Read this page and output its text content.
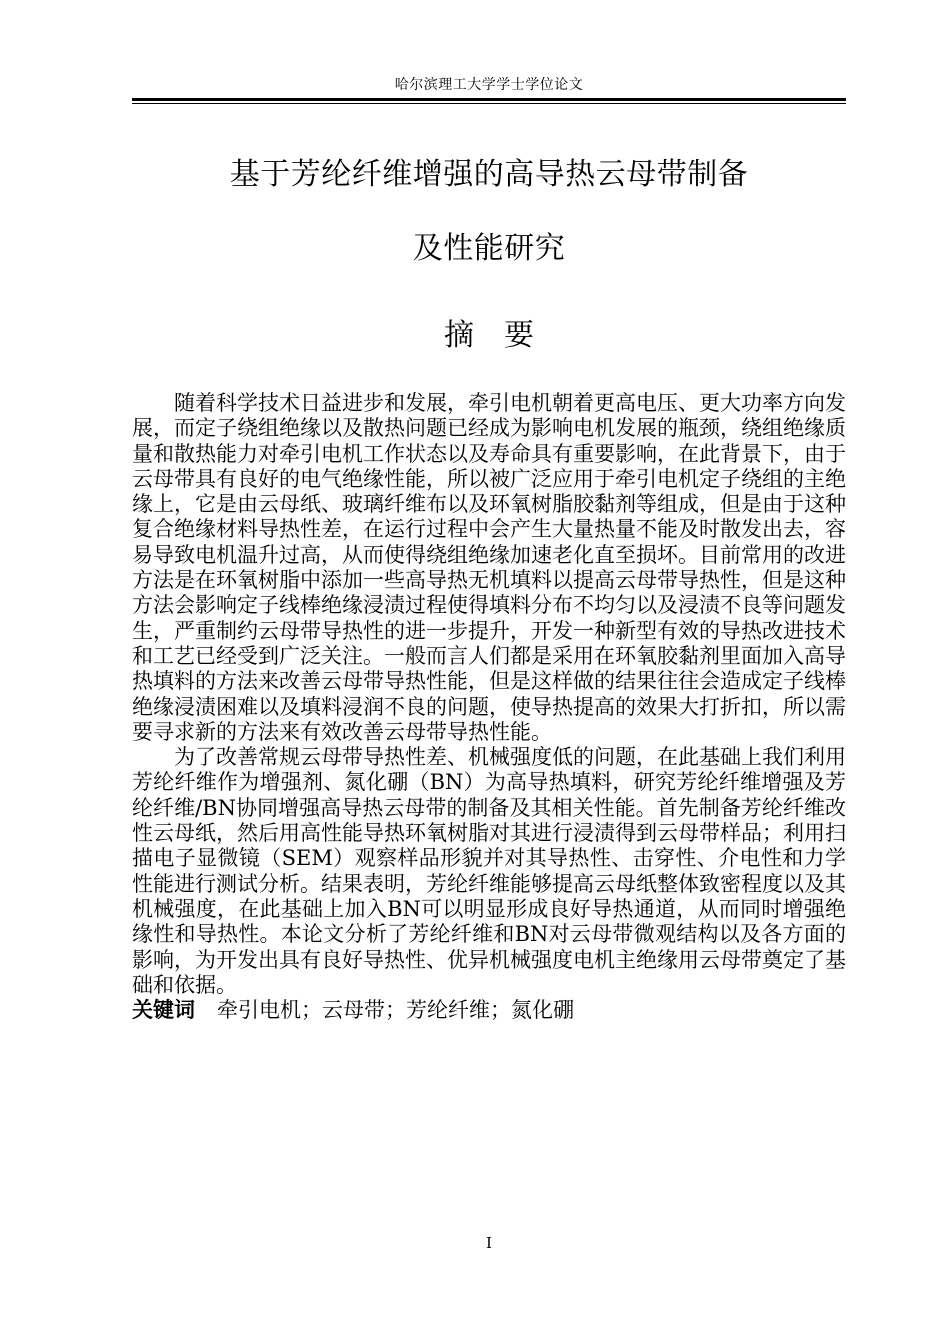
哈尔滨理工大学学士学位论文
基于芳纶纤维增强的高导热云母带制备
及性能研究
摘 要

随着科学技术日益进步和发展，牵引电机朝着更高电压、更大功率方向发展，而定子绕组绝缘以及散热问题已经成为影响电机发展的瓶颈，绕组绝缘质量和散热能力对牵引电机工作状态以及寿命具有重要影响，在此背景下，由于云母带具有良好的电气绝缘性能，所以被广泛应用于牵引电机定子绕组的主绝缘上，它是由云母纸、玻璃纤维布以及环氧树脂胶黏剂等组成，但是由于这种复合绝缘材料导热性差，在运行过程中会产生大量热量不能及时散发出去，容易导致电机温升过高，从而使得绕组绝缘加速老化直至损坏。目前常用的改进方法是在环氧树脂中添加一些高导热无机填料以提高云母带导热性，但是这种方法会影响定子线棒绝缘浸渍过程使得填料分布不均匀以及浸渍不良等问题发生，严重制约云母带导热性的进一步提升，开发一种新型有效的导热改进技术和工艺已经受到广泛关注。一般而言人们都是采用在环氧胶黏剂里面加入高导热填料的方法来改善云母带导热性能，但是这样做的结果往往会造成定子线棒绝缘浸渍困难以及填料浸润不良的问题，使导热提高的效果大打折扣，所以需要寻求新的方法来有效改善云母带导热性能。

为了改善常规云母带导热性差、机械强度低的问题，在此基础上我们利用芳纶纤维作为增强剂、氮化硼（BN）为高导热填料，研究芳纶纤维增强及芳纶纤维/BN协同增强高导热云母带的制备及其相关性能。首先制备芳纶纤维改性云母纸，然后用高性能导热环氧树脂对其进行浸渍得到云母带样品；利用扫描电子显微镜（SEM）观察样品形貌并对其导热性、击穿性、介电性和力学性能进行测试分析。结果表明，芳纶纤维能够提高云母纸整体致密程度以及其机械强度，在此基础上加入BN可以明显形成良好导热通道，从而同时增强绝缘性和导热性。本论文分析了芳纶纤维和BN对云母带微观结构以及各方面的影响，为开发出具有良好导热性、优异机械强度电机主绝缘用云母带奠定了基础和依据。

关键词 牵引电机；云母带；芳纶纤维；氮化硼

I
